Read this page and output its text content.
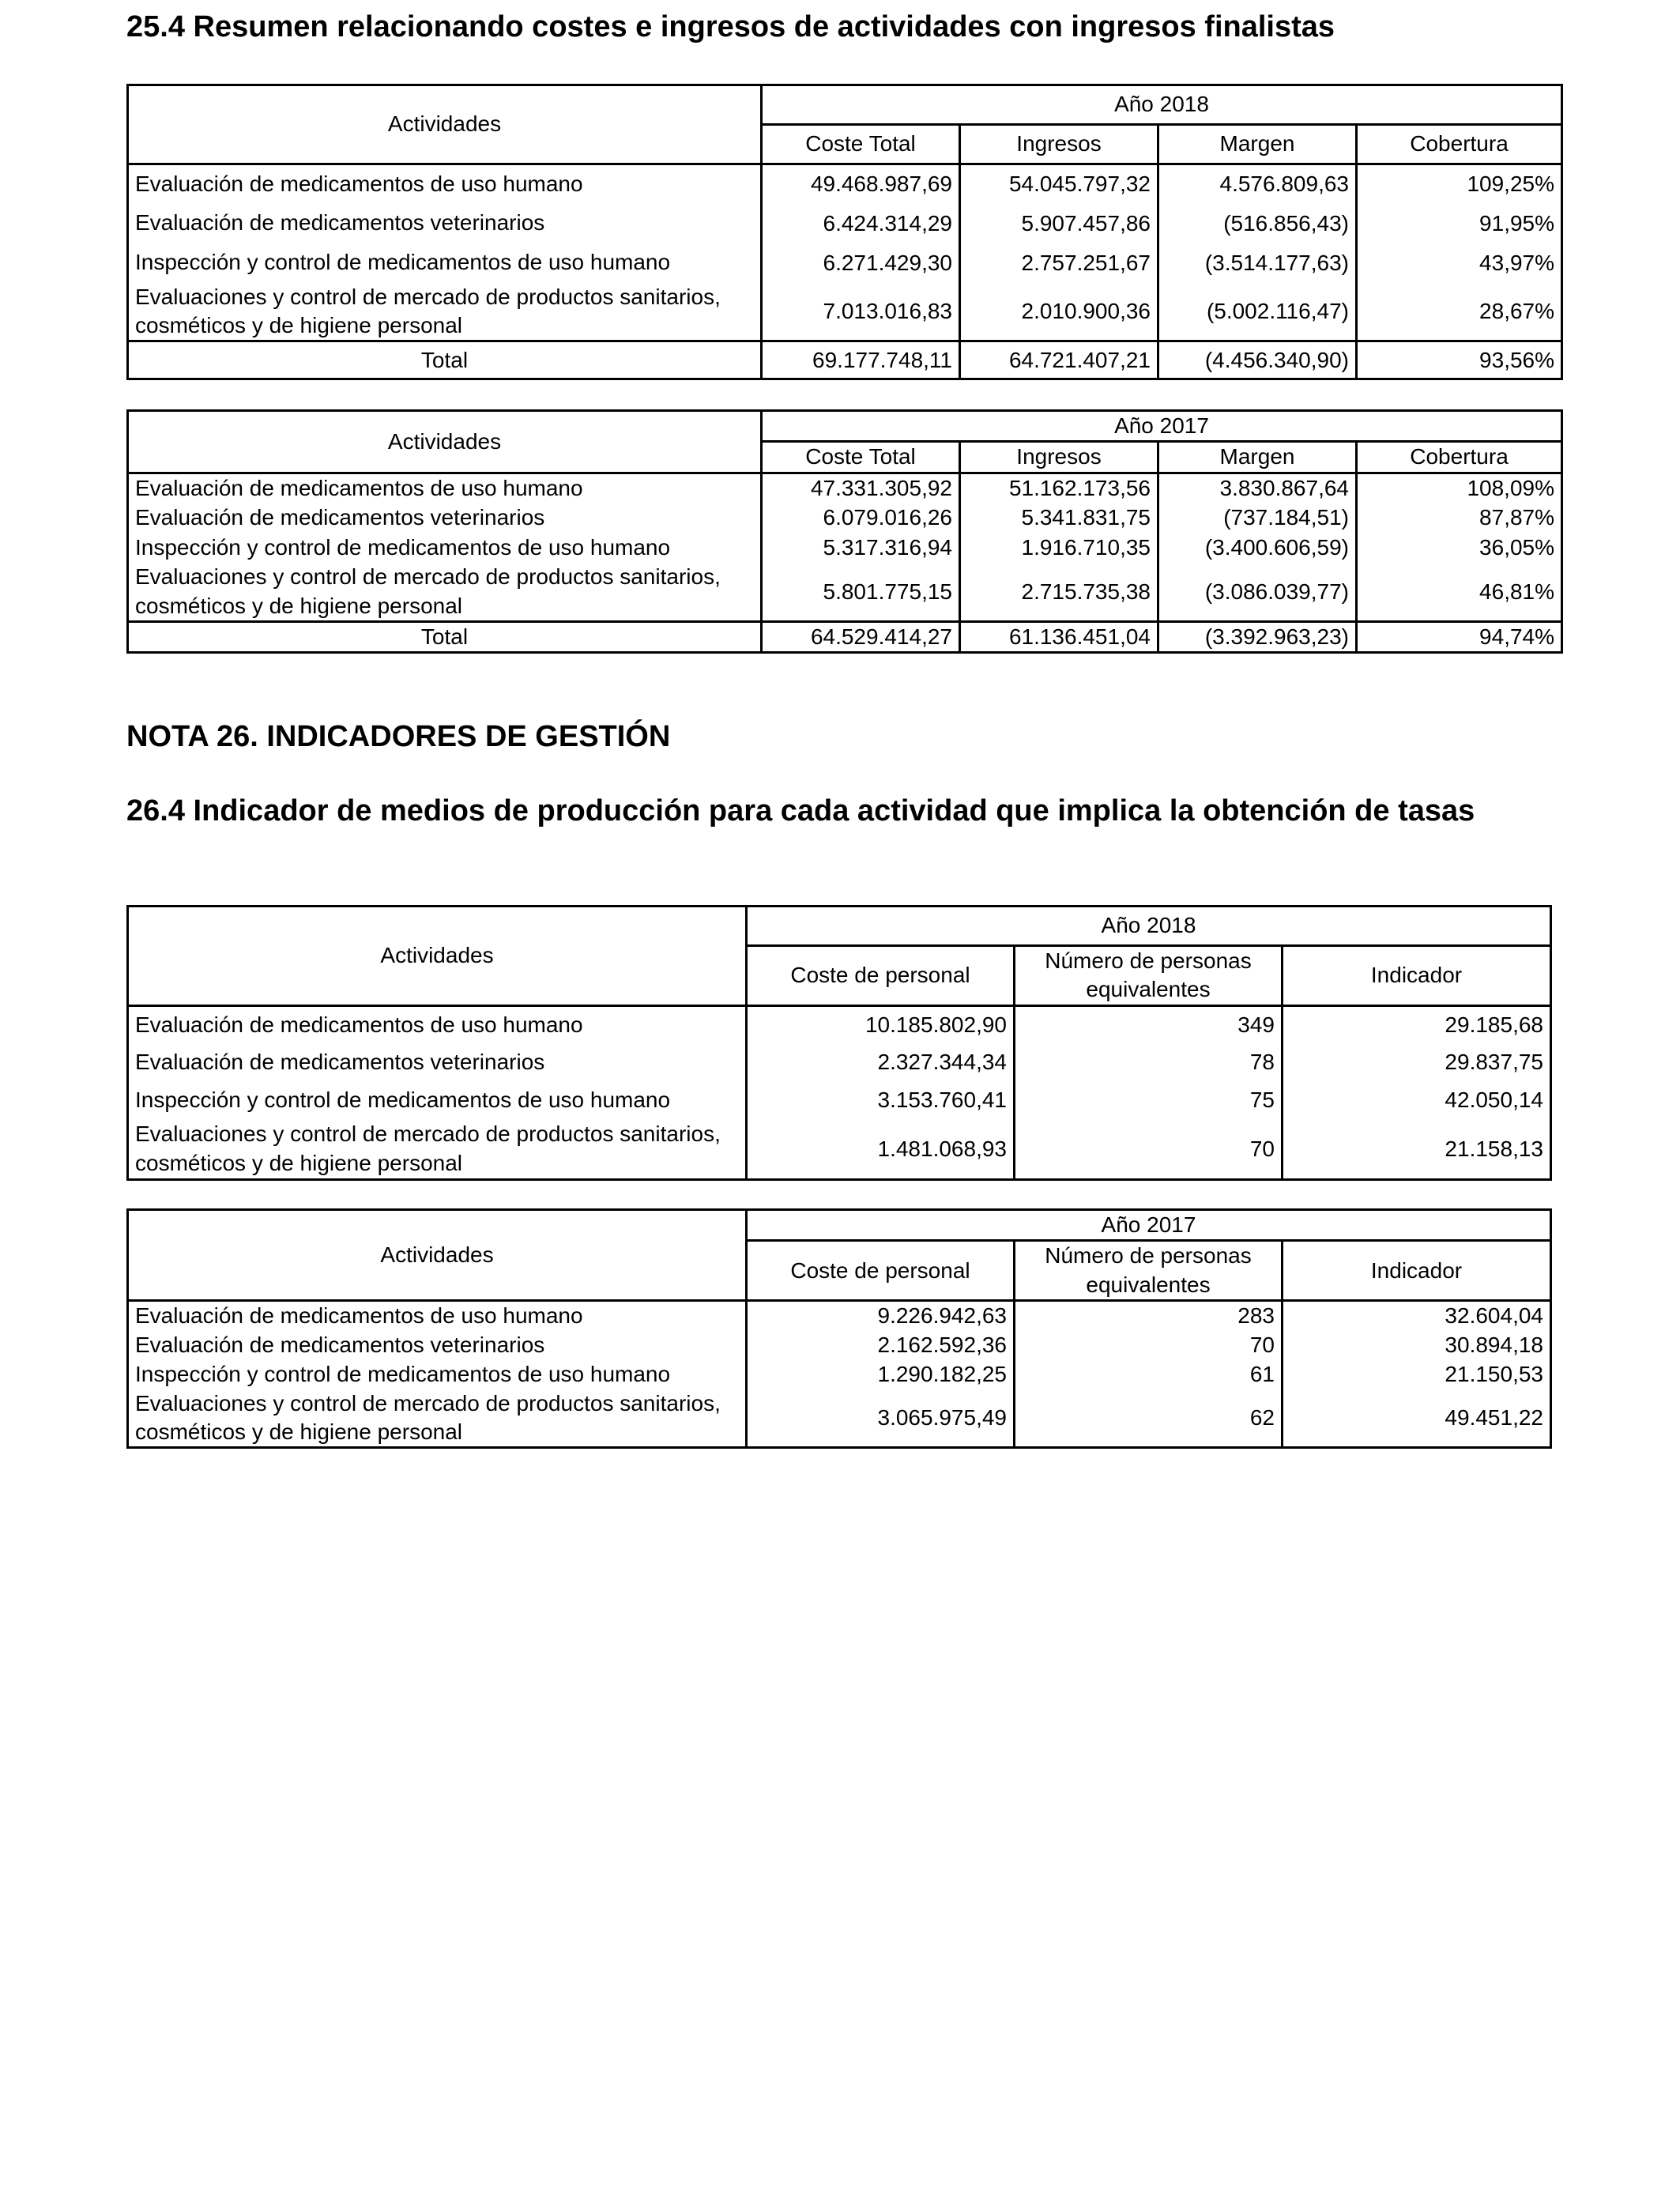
25.4 Resumen relacionando costes e ingresos de actividades con ingresos finalistas
Actividades	Año 2018			
	Coste Total	Ingresos	Margen	Cobertura
Evaluación de medicamentos de uso humano	49.468.987,69	54.045.797,32	4.576.809,63	109,25%
Evaluación de medicamentos veterinarios	6.424.314,29	5.907.457,86	(516.856,43)	91,95%
Inspección y control de medicamentos de uso humano	6.271.429,30	2.757.251,67	(3.514.177,63)	43,97%
Evaluaciones y control de mercado de productos sanitarios, cosméticos y de higiene personal	7.013.016,83	2.010.900,36	(5.002.116,47)	28,67%
Total	69.177.748,11	64.721.407,21	(4.456.340,90)	93,56%
Actividades	Año 2017			
	Coste Total	Ingresos	Margen	Cobertura
Evaluación de medicamentos de uso humano	47.331.305,92	51.162.173,56	3.830.867,64	108,09%
Evaluación de medicamentos veterinarios	6.079.016,26	5.341.831,75	(737.184,51)	87,87%
Inspección y control de medicamentos de uso humano	5.317.316,94	1.916.710,35	(3.400.606,59)	36,05%
Evaluaciones y control de mercado de productos sanitarios, cosméticos y de higiene personal	5.801.775,15	2.715.735,38	(3.086.039,77)	46,81%
Total	64.529.414,27	61.136.451,04	(3.392.963,23)	94,74%
NOTA 26. INDICADORES DE GESTIÓN
26.4 Indicador de medios de producción para cada actividad que implica la obtención de tasas
Actividades	Año 2018		
	Coste de personal	Número de personas equivalentes	Indicador
Evaluación de medicamentos de uso humano	10.185.802,90	349	29.185,68
Evaluación de medicamentos veterinarios	2.327.344,34	78	29.837,75
Inspección y control de medicamentos de uso humano	3.153.760,41	75	42.050,14
Evaluaciones y control de mercado de productos sanitarios, cosméticos y de higiene personal	1.481.068,93	70	21.158,13
Actividades	Año 2017		
	Coste de personal	Número de personas equivalentes	Indicador
Evaluación de medicamentos de uso humano	9.226.942,63	283	32.604,04
Evaluación de medicamentos veterinarios	2.162.592,36	70	30.894,18
Inspección y control de medicamentos de uso humano	1.290.182,25	61	21.150,53
Evaluaciones y control de mercado de productos sanitarios, cosméticos y de higiene personal	3.065.975,49	62	49.451,22
